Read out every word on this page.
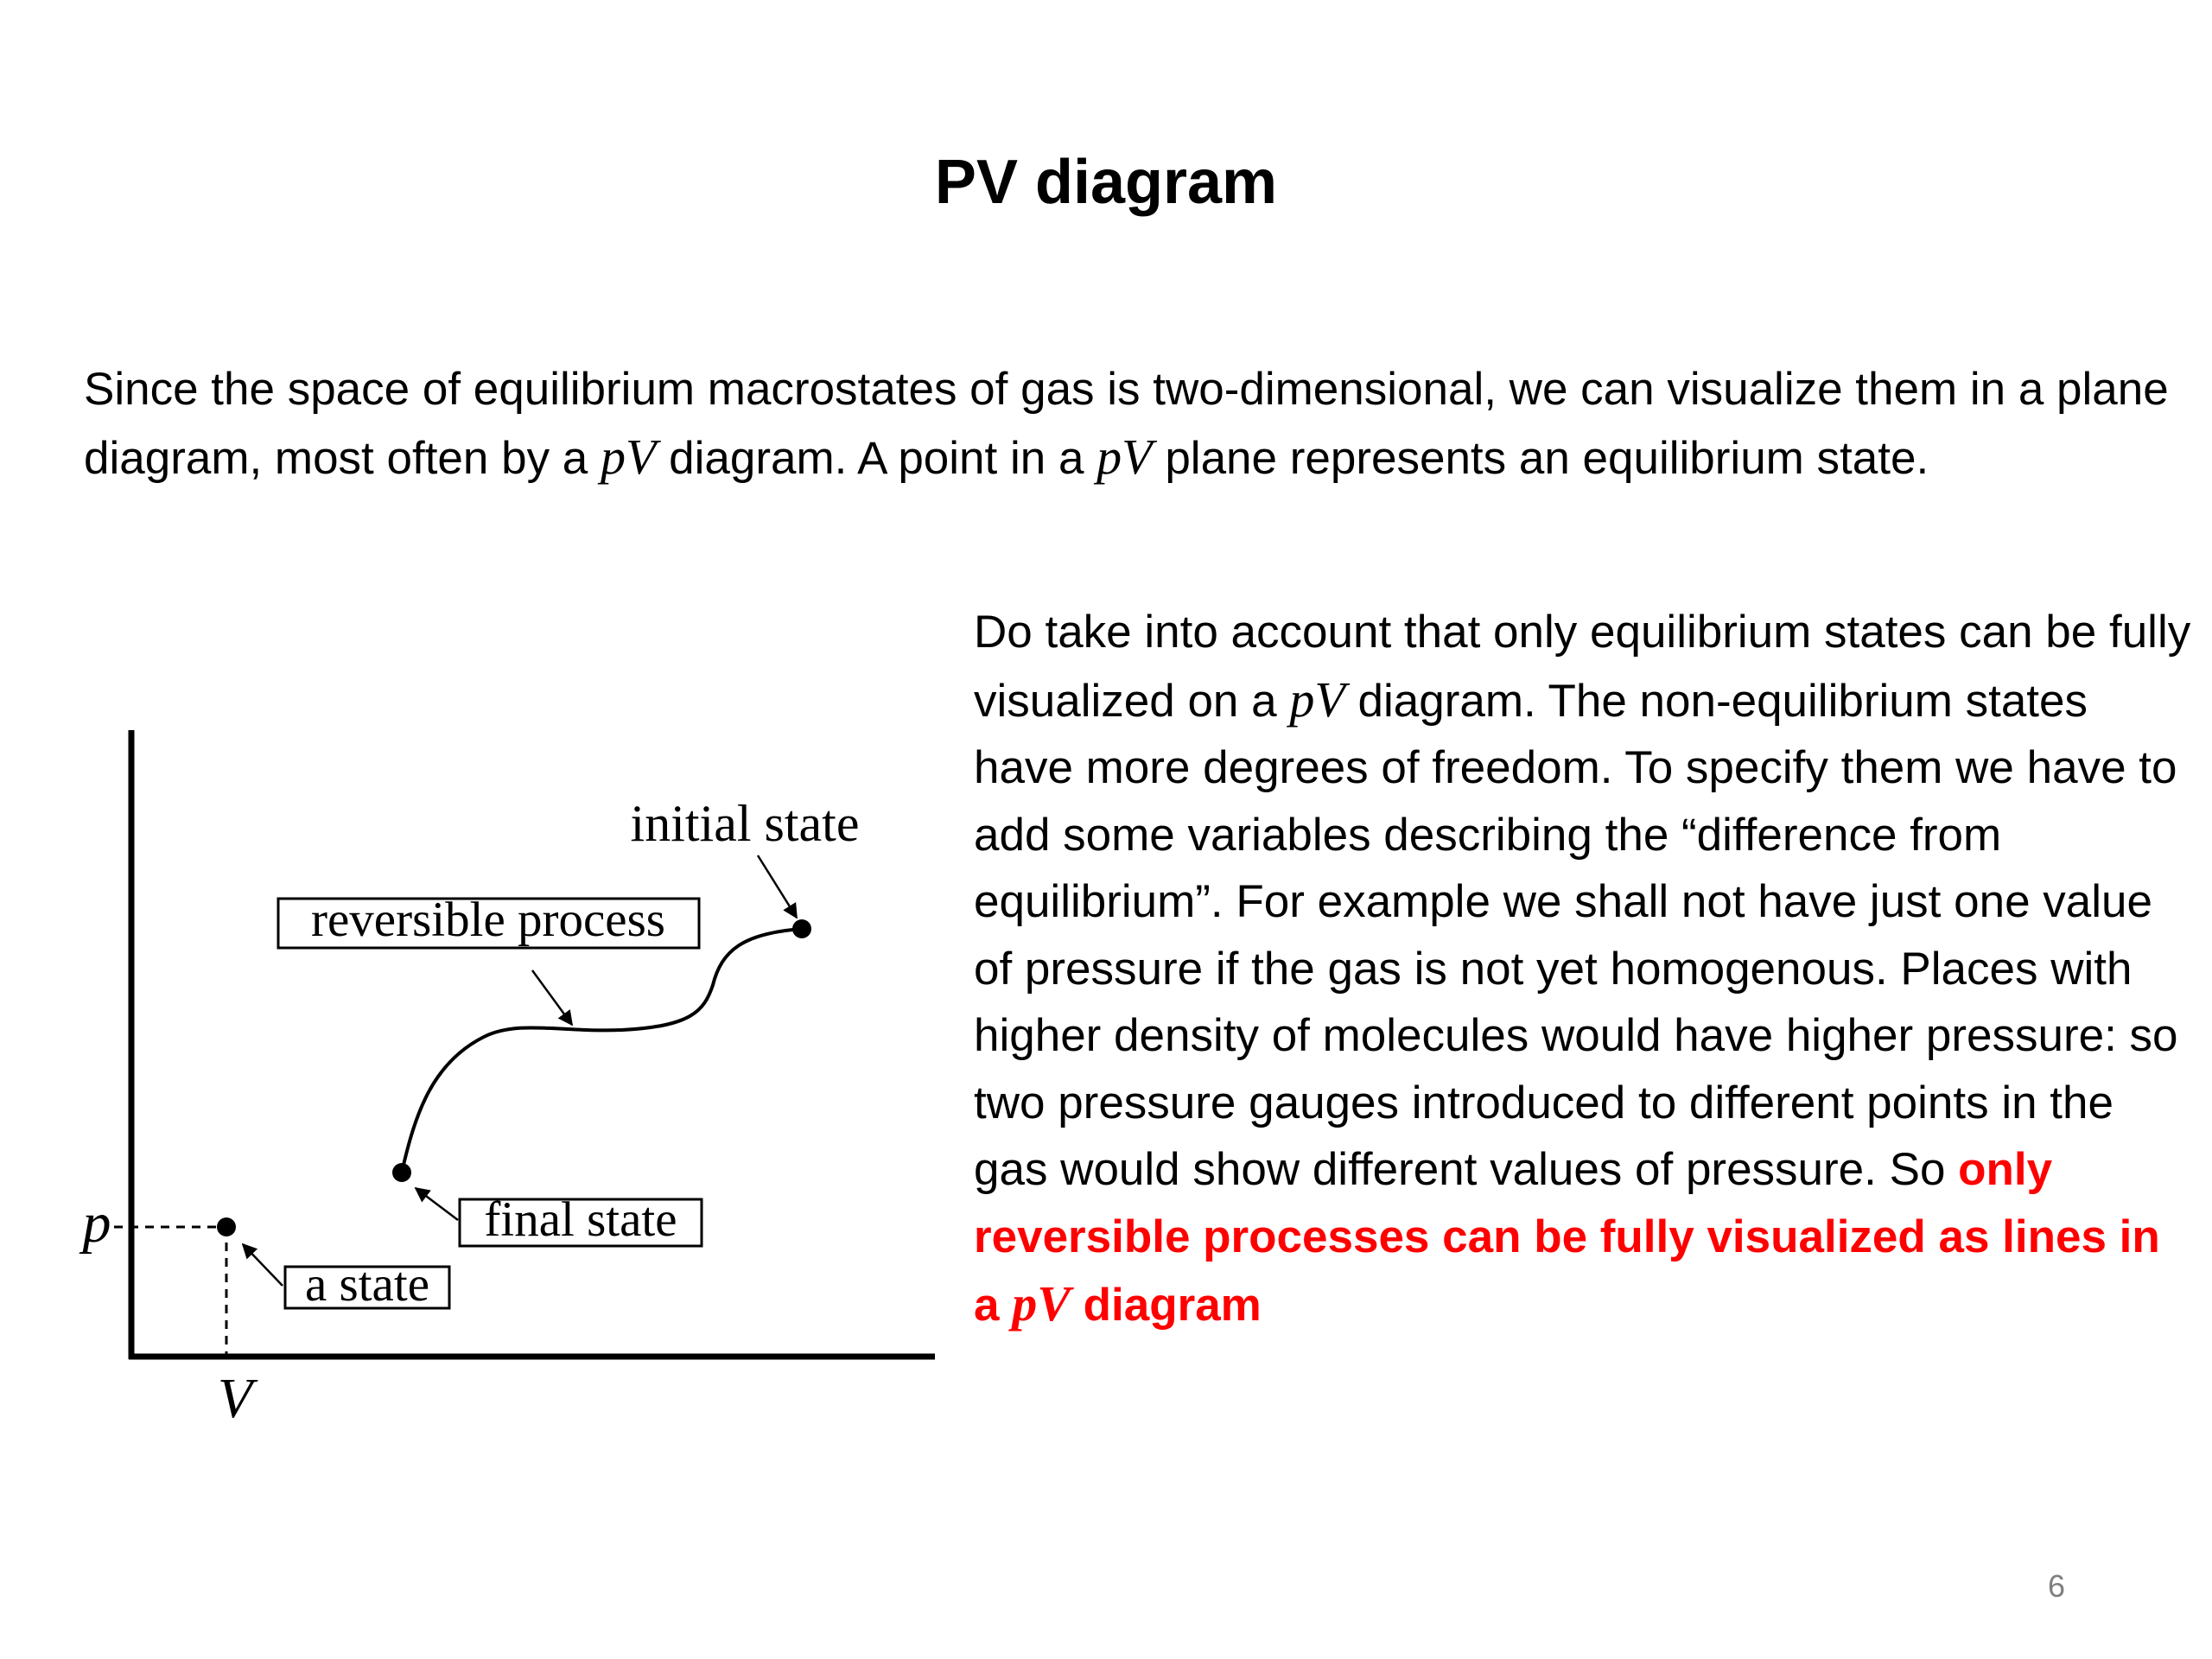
PV diagram
Since the space of equilibrium macrostates of gas is two-dimensional, we can visualize them in a plane diagram, most often by a pV diagram. A point in a pV plane represents an equilibrium state.
p
V
initial state
reversible process
final state
a state
Do take into account that only equilibrium states can be fully visualized on a pV diagram. The non-equilibrium states have more degrees of freedom. To specify them we have to add some variables describing the “difference from equilibrium”. For example we shall not have just one value of pressure if the gas is not yet homogenous. Places with higher density of molecules would have higher pressure: so two pressure gauges introduced to different points in the gas would show different values of pressure. So only reversible processes can be fully visualized as lines in a pV diagram
6
